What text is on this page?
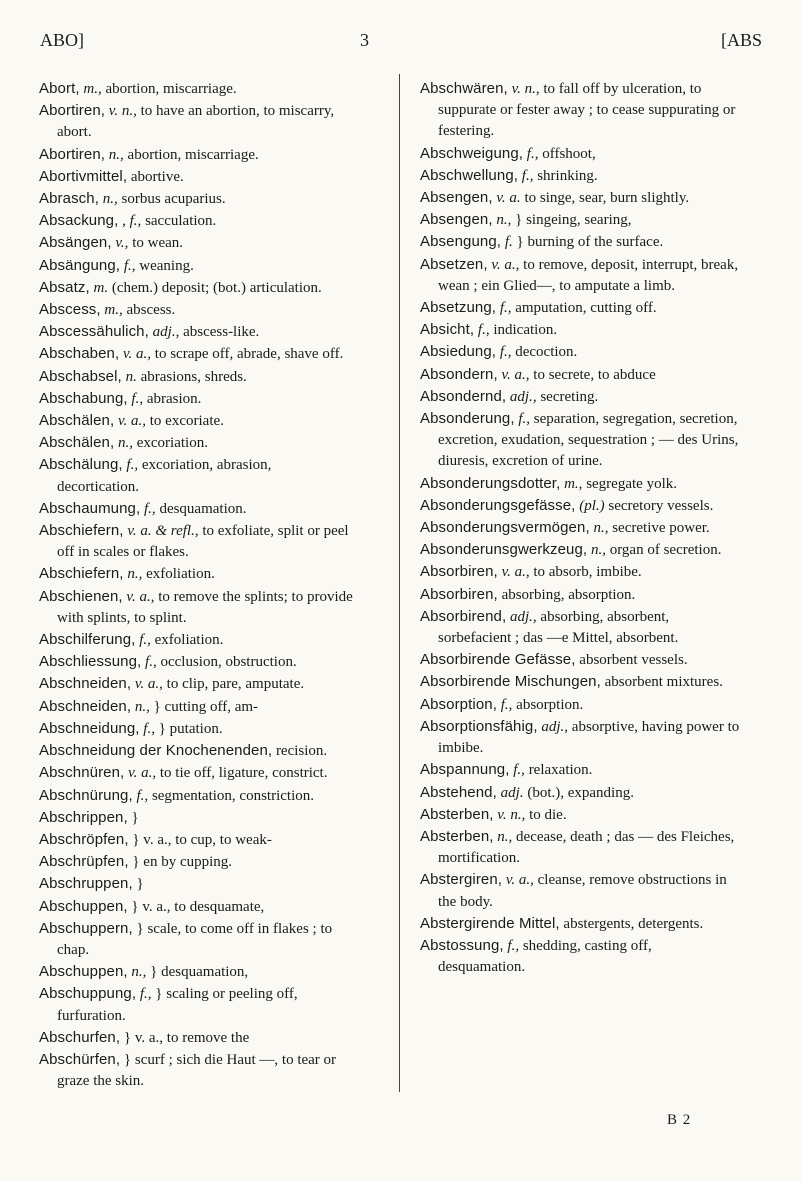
ABO]	3	[ABS

Abort, m., abortion, miscarriage.

Abortiren, v. n., to have an abortion, to miscarry, abort.

Abortiren, n., abortion, miscarriage.

Abortivmittel, abortive.

Abrasch, n., sorbus acuparius.

Absackung, , f., sacculation.

Absängen, v., to wean.

Absängung, f., weaning.

Absatz, m. (chem.) deposit; (bot.) articulation.

Abscess, m., abscess.

Abscessähulich, adj., abscess-like.

Abschaben, v. a., to scrape off, abrade, shave off.

Abschabsel, n. abrasions, shreds.

Abschabung, f., abrasion.

Abschälen, v. a., to excoriate.

Abschälen, n., excoriation.

Abschälung, f., excoriation, abrasion, decortication.

Abschaumung, f., desquamation.

Abschiefern, v. a. & refl., to exfoliate, split or peel off in scales or flakes.

Abschiefern, n., exfoliation.

Abschienen, v. a., to remove the splints; to provide with splints, to splint.

Abschilferung, f., exfoliation.

Abschliessung, f., occlusion, obstruction.

Abschneiden, v. a., to clip, pare, amputate.

Abschneiden, n., } cutting off, am-

Abschneidung, f., } putation.

Abschneidung der Knochenenden, recision.

Abschnüren, v. a., to tie off, ligature, constrict.

Abschnürung, f., segmentation, constriction.

Abschrippen, }

Abschröpfen, } v. a., to cup, to weak-

Abschrüpfen, } en by cupping.

Abschruppen, }

Abschuppen, } v. a., to desquamate,

Abschuppern, } scale, to come off in flakes ; to chap.

Abschuppen, n., } desquamation,

Abschuppung, f., } scaling or peeling off, furfuration.

Abschurfen, } v. a., to remove the

Abschürfen, } scurf ; sich die Haut —, to tear or graze the skin.

Abschwären, v. n., to fall off by ulceration, to suppurate or fester away ; to cease suppurating or festering.

Abschweigung, f., offshoot,

Abschwellung, f., shrinking.

Absengen, v. a. to singe, sear, burn slightly.

Absengen, n., } singeing, searing,

Absengung, f. } burning of the surface.

Absetzen, v. a., to remove, deposit, interrupt, break, wean ; ein Glied—, to amputate a limb.

Absetzung, f., amputation, cutting off.

Absicht, f., indication.

Absiedung, f., decoction.

Absondern, v. a., to secrete, to abduce

Absondernd, adj., secreting.

Absonderung, f., separation, segregation, secretion, excretion, exudation, sequestration ; — des Urins, diuresis, excretion of urine.

Absonderungsdotter, m., segregate yolk.

Absonderungsgefässe, (pl.) secretory vessels.

Absonderungsvermögen, n., secretive power.

Absonderunsgwerkzeug, n., organ of secretion.

Absorbiren, v. a., to absorb, imbibe.

Absorbiren, absorbing, absorption.

Absorbirend, adj., absorbing, absorbent, sorbefacient ; das —e Mittel, absorbent.

Absorbirende Gefässe, absorbent vessels.

Absorbirende Mischungen, absorbent mixtures.

Absorption, f., absorption.

Absorptionsfähig, adj., absorptive, having power to imbibe.

Abspannung, f., relaxation.

Abstehend, adj. (bot.), expanding.

Absterben, v. n., to die.

Absterben, n., decease, death ; das — des Fleiches, mortification.

Abstergiren, v. a., cleanse, remove obstructions in the body.

Abstergirende Mittel, abstergents, detergents.

Abstossung, f., shedding, casting off, desquamation.

B 2
